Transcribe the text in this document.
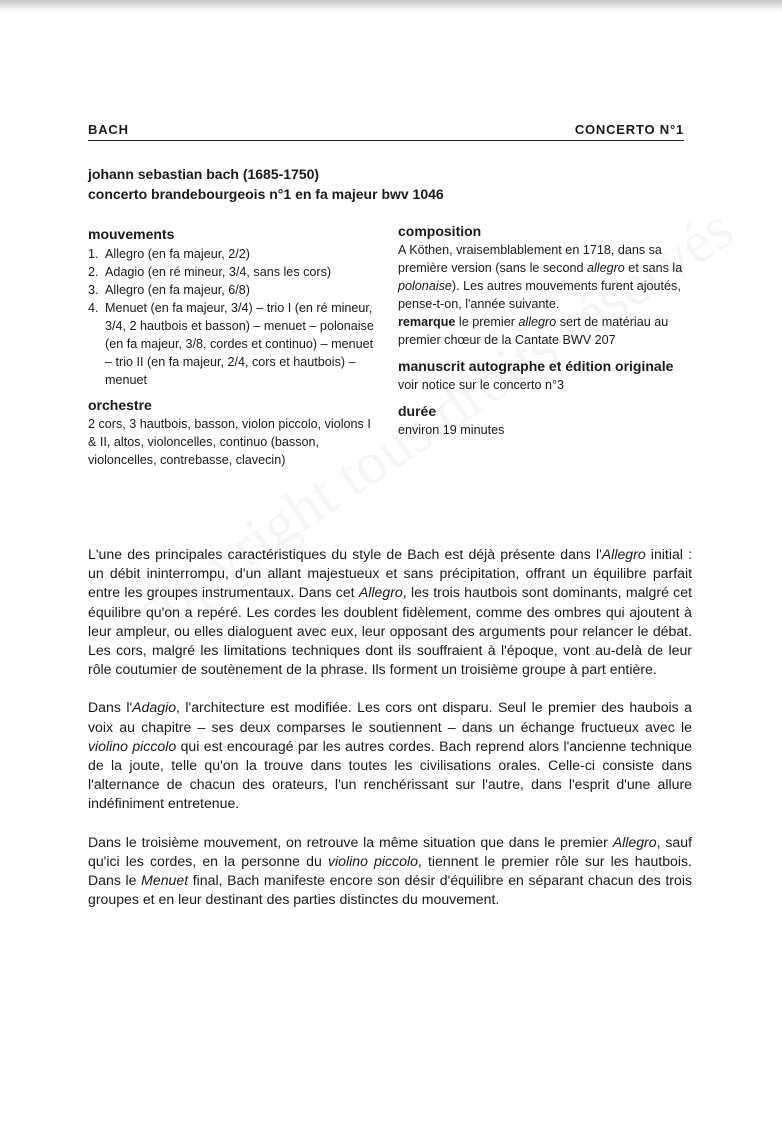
BACH	CONCERTO N°1
johann sebastian bach (1685-1750)
concerto brandebourgeois n°1 en fa majeur bwv 1046
mouvements
1. Allegro (en fa majeur, 2/2)
2. Adagio (en ré mineur, 3/4, sans les cors)
3. Allegro (en fa majeur, 6/8)
4. Menuet (en fa majeur, 3/4) – trio I (en ré mineur, 3/4, 2 hautbois et basson) – menuet – polonaise (en fa majeur, 3/8, cordes et continuo) – menuet – trio II (en fa majeur, 2/4, cors et hautbois) – menuet
orchestre
2 cors, 3 hautbois, basson, violon piccolo, violons I & II, altos, violoncelles, continuo (basson, violoncelles, contrebasse, clavecin)
composition
A Köthen, vraisemblablement en 1718, dans sa première version (sans le second allegro et sans la polonaise). Les autres mouvements furent ajoutés, pense-t-on, l'année suivante.
remarque le premier allegro sert de matériau au premier chœur de la Cantate BWV 207
manuscrit autographe et édition originale
voir notice sur le concerto n°3
durée
environ 19 minutes

L'une des principales caractéristiques du style de Bach est déjà présente dans l'Allegro initial : un débit ininterrompu, d'un allant majestueux et sans précipitation, offrant un équilibre parfait entre les groupes instrumentaux. Dans cet Allegro, les trois hautbois sont dominants, malgré cet équilibre qu'on a repéré. Les cordes les doublent fidèlement, comme des ombres qui ajoutent à leur ampleur, ou elles dialoguent avec eux, leur opposant des arguments pour relancer le débat. Les cors, malgré les limitations techniques dont ils souffraient à l'époque, vont au-delà de leur rôle coutumier de soutènement de la phrase. Ils forment un troisième groupe à part entière.

Dans l'Adagio, l'architecture est modifiée. Les cors ont disparu. Seul le premier des haubois a voix au chapitre – ses deux comparses le soutiennent – dans un échange fructueux avec le violino piccolo qui est encouragé par les autres cordes. Bach reprend alors l'ancienne technique de la joute, telle qu'on la trouve dans toutes les civilisations orales. Celle-ci consiste dans l'alternance de chacun des orateurs, l'un renchérissant sur l'autre, dans l'esprit d'une allure indéfiniment entretenue.

Dans le troisième mouvement, on retrouve la même situation que dans le premier Allegro, sauf qu'ici les cordes, en la personne du violino piccolo, tiennent le premier rôle sur les hautbois. Dans le Menuet final, Bach manifeste encore son désir d'équilibre en séparant chacun des trois groupes et en leur destinant des parties distinctes du mouvement.
